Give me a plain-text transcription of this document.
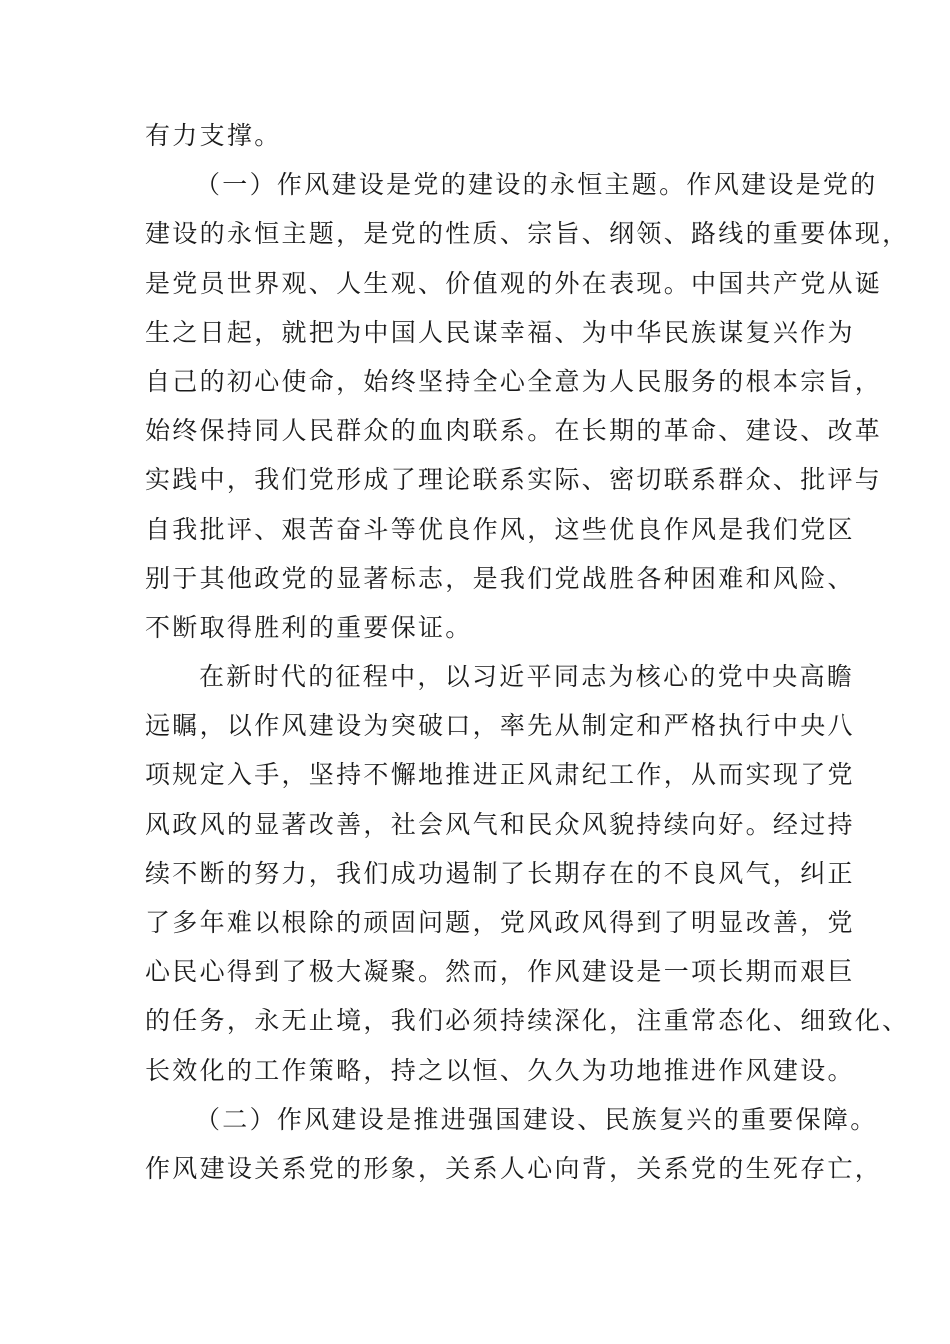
有力支撑。
（一）作风建设是党的建设的永恒主题。作风建设是党的
建设的永恒主题，是党的性质、宗旨、纲领、路线的重要体现，
是党员世界观、人生观、价值观的外在表现。中国共产党从诞
生之日起，就把为中国人民谋幸福、为中华民族谋复兴作为
自己的初心使命，始终坚持全心全意为人民服务的根本宗旨，
始终保持同人民群众的血肉联系。在长期的革命、建设、改革
实践中，我们党形成了理论联系实际、密切联系群众、批评与
自我批评、艰苦奋斗等优良作风，这些优良作风是我们党区
别于其他政党的显著标志，是我们党战胜各种困难和风险、
不断取得胜利的重要保证。
在新时代的征程中，以习近平同志为核心的党中央高瞻
远瞩，以作风建设为突破口，率先从制定和严格执行中央八
项规定入手，坚持不懈地推进正风肃纪工作，从而实现了党
风政风的显著改善，社会风气和民众风貌持续向好。经过持
续不断的努力，我们成功遏制了长期存在的不良风气，纠正
了多年难以根除的顽固问题，党风政风得到了明显改善，党
心民心得到了极大凝聚。然而，作风建设是一项长期而艰巨
的任务，永无止境，我们必须持续深化，注重常态化、细致化、
长效化的工作策略，持之以恒、久久为功地推进作风建设。
（二）作风建设是推进强国建设、民族复兴的重要保障。
作风建设关系党的形象，关系人心向背，关系党的生死存亡，
